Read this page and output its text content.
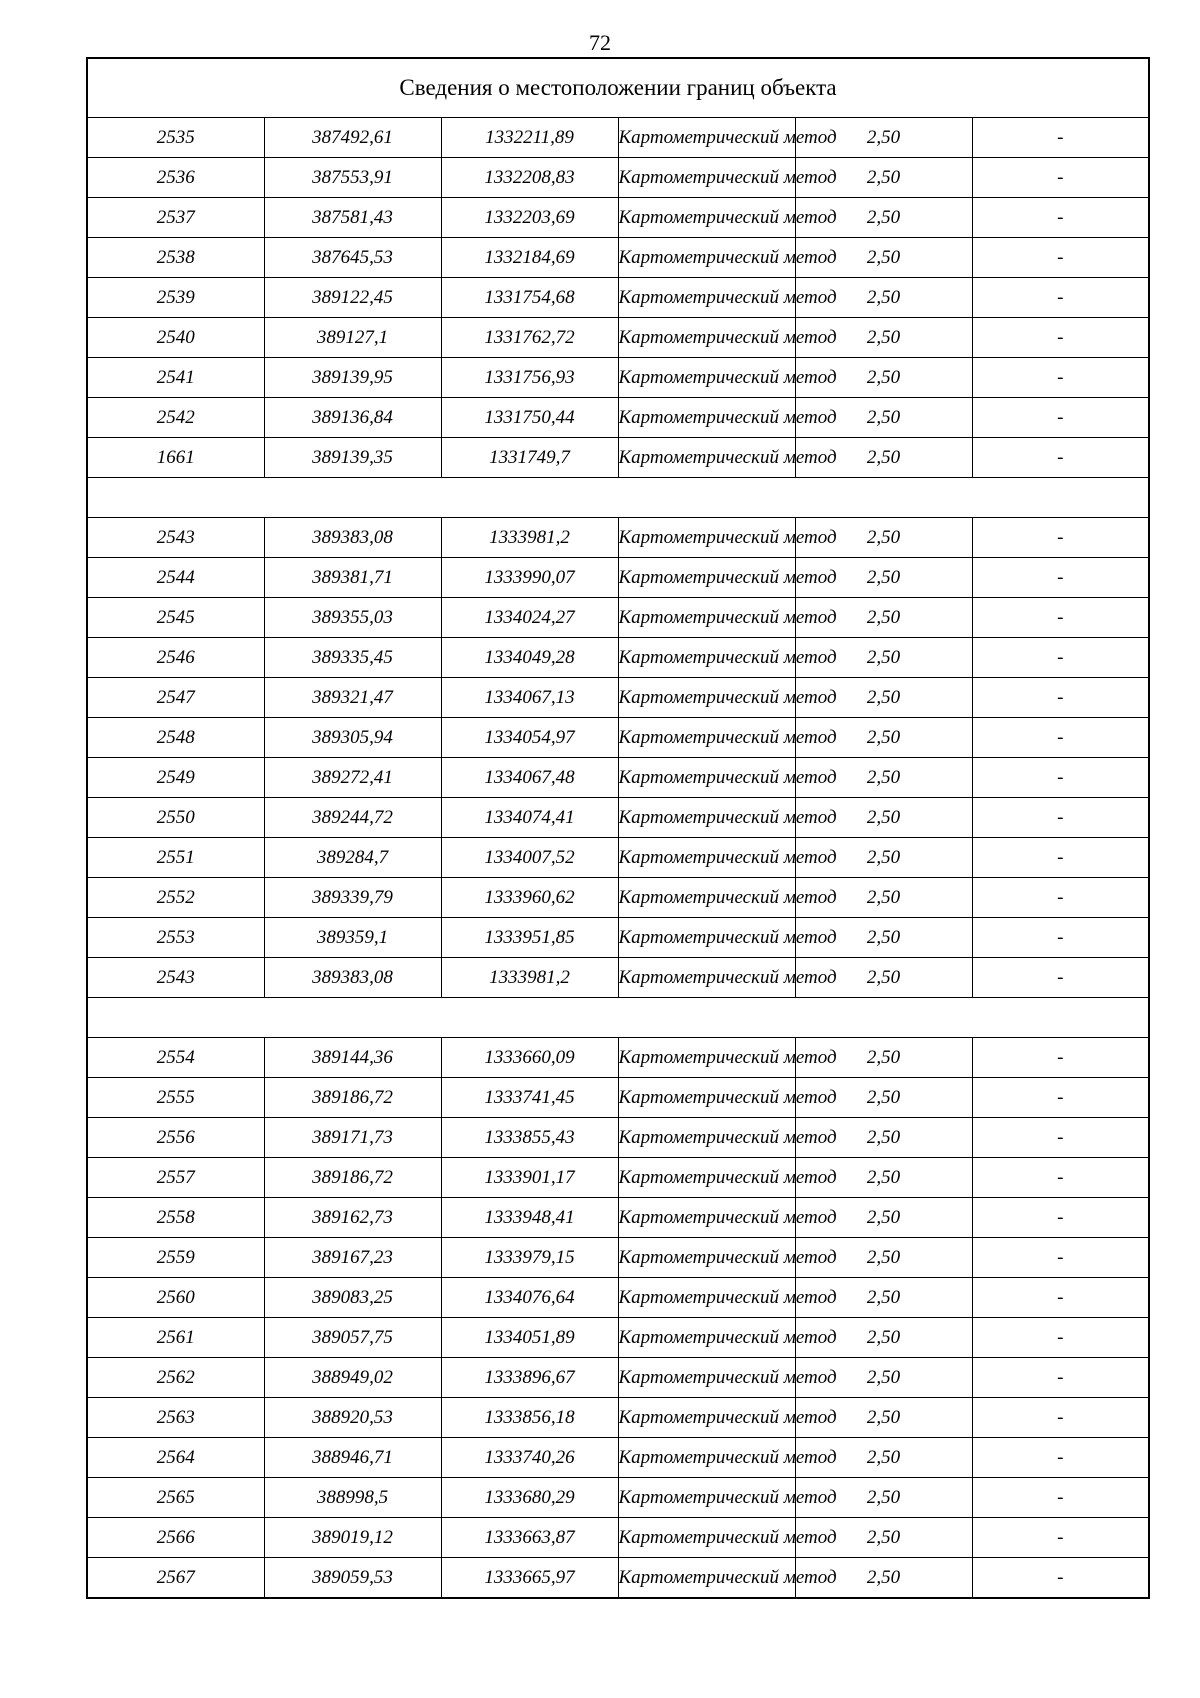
72
Сведения о местоположении границ объекта					
2535	387492,61	1332211,89	Картометрический метод	2,50	-
2536	387553,91	1332208,83	Картометрический метод	2,50	-
2537	387581,43	1332203,69	Картометрический метод	2,50	-
2538	387645,53	1332184,69	Картометрический метод	2,50	-
2539	389122,45	1331754,68	Картометрический метод	2,50	-
2540	389127,1	1331762,72	Картометрический метод	2,50	-
2541	389139,95	1331756,93	Картометрический метод	2,50	-
2542	389136,84	1331750,44	Картометрический метод	2,50	-
1661	389139,35	1331749,7	Картометрический метод	2,50	-

2543	389383,08	1333981,2	Картометрический метод	2,50	-
2544	389381,71	1333990,07	Картометрический метод	2,50	-
2545	389355,03	1334024,27	Картометрический метод	2,50	-
2546	389335,45	1334049,28	Картометрический метод	2,50	-
2547	389321,47	1334067,13	Картометрический метод	2,50	-
2548	389305,94	1334054,97	Картометрический метод	2,50	-
2549	389272,41	1334067,48	Картометрический метод	2,50	-
2550	389244,72	1334074,41	Картометрический метод	2,50	-
2551	389284,7	1334007,52	Картометрический метод	2,50	-
2552	389339,79	1333960,62	Картометрический метод	2,50	-
2553	389359,1	1333951,85	Картометрический метод	2,50	-
2543	389383,08	1333981,2	Картометрический метод	2,50	-

2554	389144,36	1333660,09	Картометрический метод	2,50	-
2555	389186,72	1333741,45	Картометрический метод	2,50	-
2556	389171,73	1333855,43	Картометрический метод	2,50	-
2557	389186,72	1333901,17	Картометрический метод	2,50	-
2558	389162,73	1333948,41	Картометрический метод	2,50	-
2559	389167,23	1333979,15	Картометрический метод	2,50	-
2560	389083,25	1334076,64	Картометрический метод	2,50	-
2561	389057,75	1334051,89	Картометрический метод	2,50	-
2562	388949,02	1333896,67	Картометрический метод	2,50	-
2563	388920,53	1333856,18	Картометрический метод	2,50	-
2564	388946,71	1333740,26	Картометрический метод	2,50	-
2565	388998,5	1333680,29	Картометрический метод	2,50	-
2566	389019,12	1333663,87	Картометрический метод	2,50	-
2567	389059,53	1333665,97	Картометрический метод	2,50	-
